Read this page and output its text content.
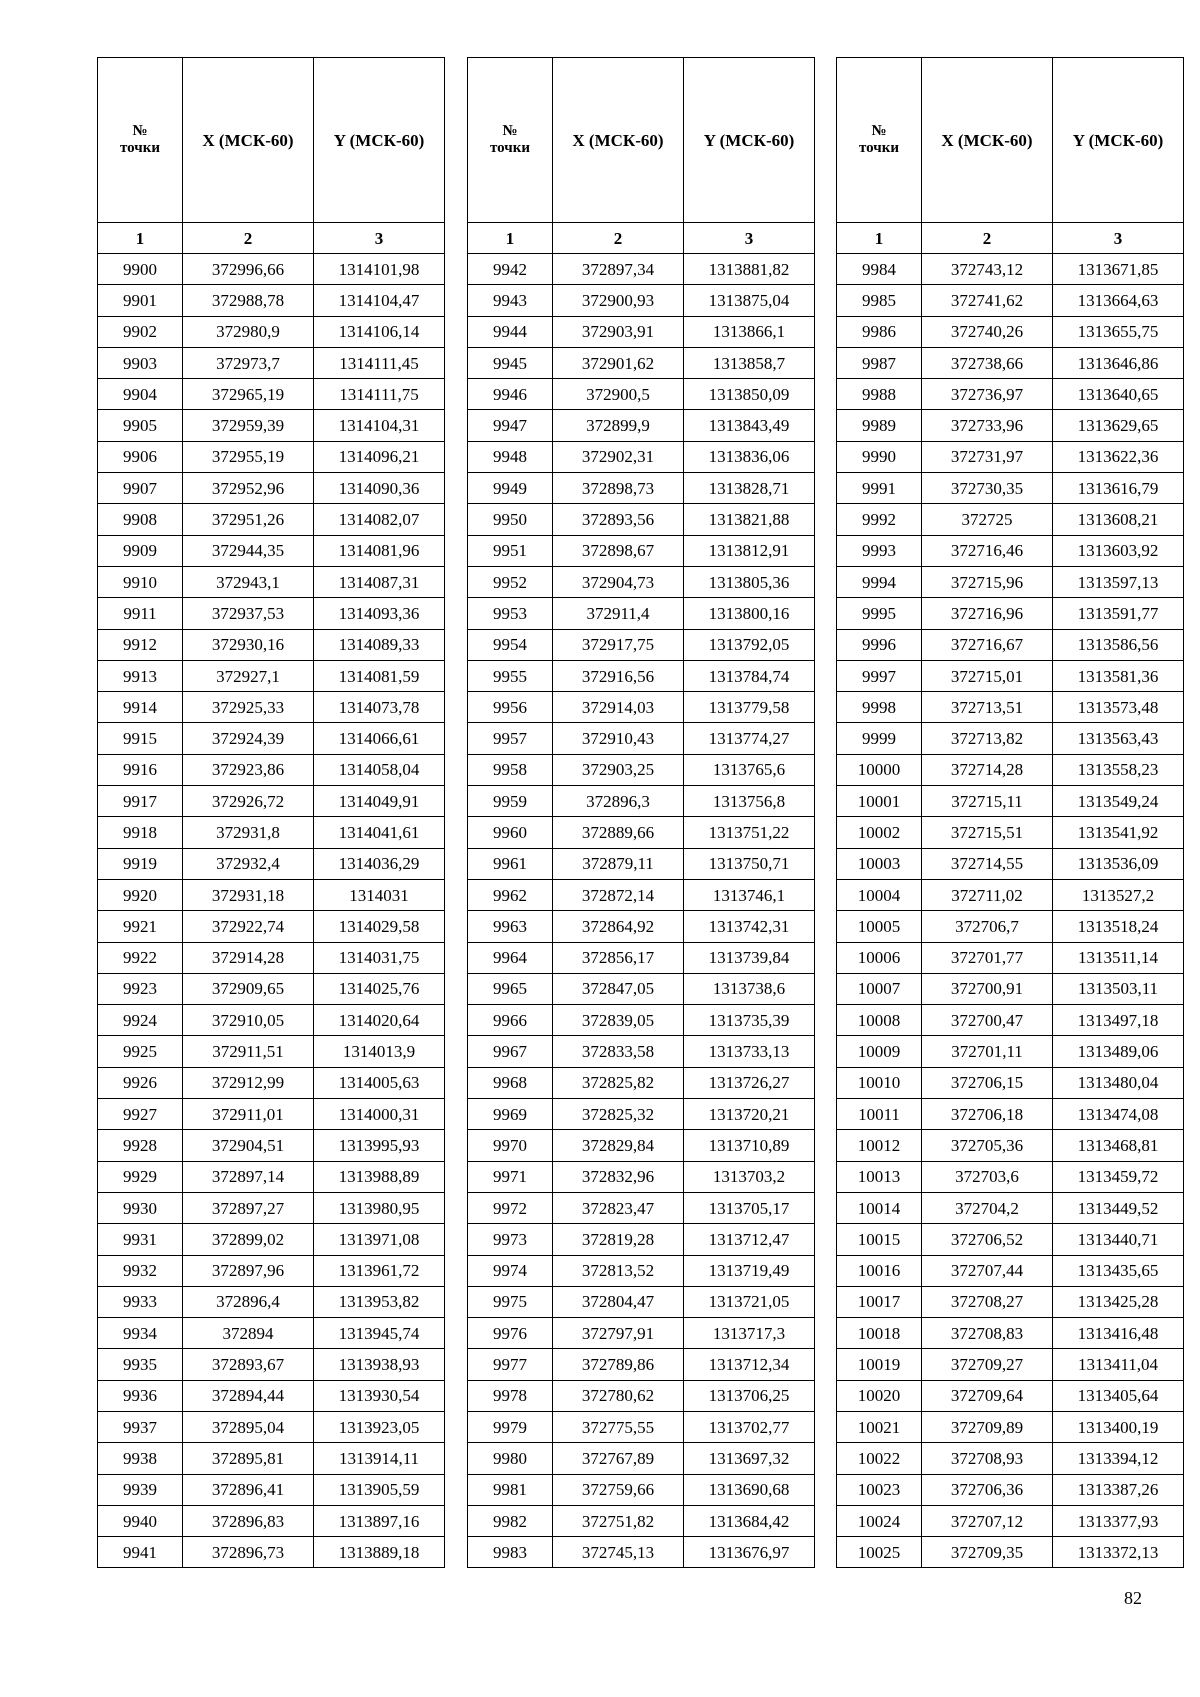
№
точки	X (МСК-60)	Y (МСК-60)
1	2	3
9900	372996,66	1314101,98
9901	372988,78	1314104,47
9902	372980,9	1314106,14
9903	372973,7	1314111,45
9904	372965,19	1314111,75
9905	372959,39	1314104,31
9906	372955,19	1314096,21
9907	372952,96	1314090,36
9908	372951,26	1314082,07
9909	372944,35	1314081,96
9910	372943,1	1314087,31
9911	372937,53	1314093,36
9912	372930,16	1314089,33
9913	372927,1	1314081,59
9914	372925,33	1314073,78
9915	372924,39	1314066,61
9916	372923,86	1314058,04
9917	372926,72	1314049,91
9918	372931,8	1314041,61
9919	372932,4	1314036,29
9920	372931,18	1314031
9921	372922,74	1314029,58
9922	372914,28	1314031,75
9923	372909,65	1314025,76
9924	372910,05	1314020,64
9925	372911,51	1314013,9
9926	372912,99	1314005,63
9927	372911,01	1314000,31
9928	372904,51	1313995,93
9929	372897,14	1313988,89
9930	372897,27	1313980,95
9931	372899,02	1313971,08
9932	372897,96	1313961,72
9933	372896,4	1313953,82
9934	372894	1313945,74
9935	372893,67	1313938,93
9936	372894,44	1313930,54
9937	372895,04	1313923,05
9938	372895,81	1313914,11
9939	372896,41	1313905,59
9940	372896,83	1313897,16
9941	372896,73	1313889,18
№
точки	X (МСК-60)	Y (МСК-60)
1	2	3
9942	372897,34	1313881,82
9943	372900,93	1313875,04
9944	372903,91	1313866,1
9945	372901,62	1313858,7
9946	372900,5	1313850,09
9947	372899,9	1313843,49
9948	372902,31	1313836,06
9949	372898,73	1313828,71
9950	372893,56	1313821,88
9951	372898,67	1313812,91
9952	372904,73	1313805,36
9953	372911,4	1313800,16
9954	372917,75	1313792,05
9955	372916,56	1313784,74
9956	372914,03	1313779,58
9957	372910,43	1313774,27
9958	372903,25	1313765,6
9959	372896,3	1313756,8
9960	372889,66	1313751,22
9961	372879,11	1313750,71
9962	372872,14	1313746,1
9963	372864,92	1313742,31
9964	372856,17	1313739,84
9965	372847,05	1313738,6
9966	372839,05	1313735,39
9967	372833,58	1313733,13
9968	372825,82	1313726,27
9969	372825,32	1313720,21
9970	372829,84	1313710,89
9971	372832,96	1313703,2
9972	372823,47	1313705,17
9973	372819,28	1313712,47
9974	372813,52	1313719,49
9975	372804,47	1313721,05
9976	372797,91	1313717,3
9977	372789,86	1313712,34
9978	372780,62	1313706,25
9979	372775,55	1313702,77
9980	372767,89	1313697,32
9981	372759,66	1313690,68
9982	372751,82	1313684,42
9983	372745,13	1313676,97
№
точки	X (МСК-60)	Y (МСК-60)
1	2	3
9984	372743,12	1313671,85
9985	372741,62	1313664,63
9986	372740,26	1313655,75
9987	372738,66	1313646,86
9988	372736,97	1313640,65
9989	372733,96	1313629,65
9990	372731,97	1313622,36
9991	372730,35	1313616,79
9992	372725	1313608,21
9993	372716,46	1313603,92
9994	372715,96	1313597,13
9995	372716,96	1313591,77
9996	372716,67	1313586,56
9997	372715,01	1313581,36
9998	372713,51	1313573,48
9999	372713,82	1313563,43
10000	372714,28	1313558,23
10001	372715,11	1313549,24
10002	372715,51	1313541,92
10003	372714,55	1313536,09
10004	372711,02	1313527,2
10005	372706,7	1313518,24
10006	372701,77	1313511,14
10007	372700,91	1313503,11
10008	372700,47	1313497,18
10009	372701,11	1313489,06
10010	372706,15	1313480,04
10011	372706,18	1313474,08
10012	372705,36	1313468,81
10013	372703,6	1313459,72
10014	372704,2	1313449,52
10015	372706,52	1313440,71
10016	372707,44	1313435,65
10017	372708,27	1313425,28
10018	372708,83	1313416,48
10019	372709,27	1313411,04
10020	372709,64	1313405,64
10021	372709,89	1313400,19
10022	372708,93	1313394,12
10023	372706,36	1313387,26
10024	372707,12	1313377,93
10025	372709,35	1313372,13
82
